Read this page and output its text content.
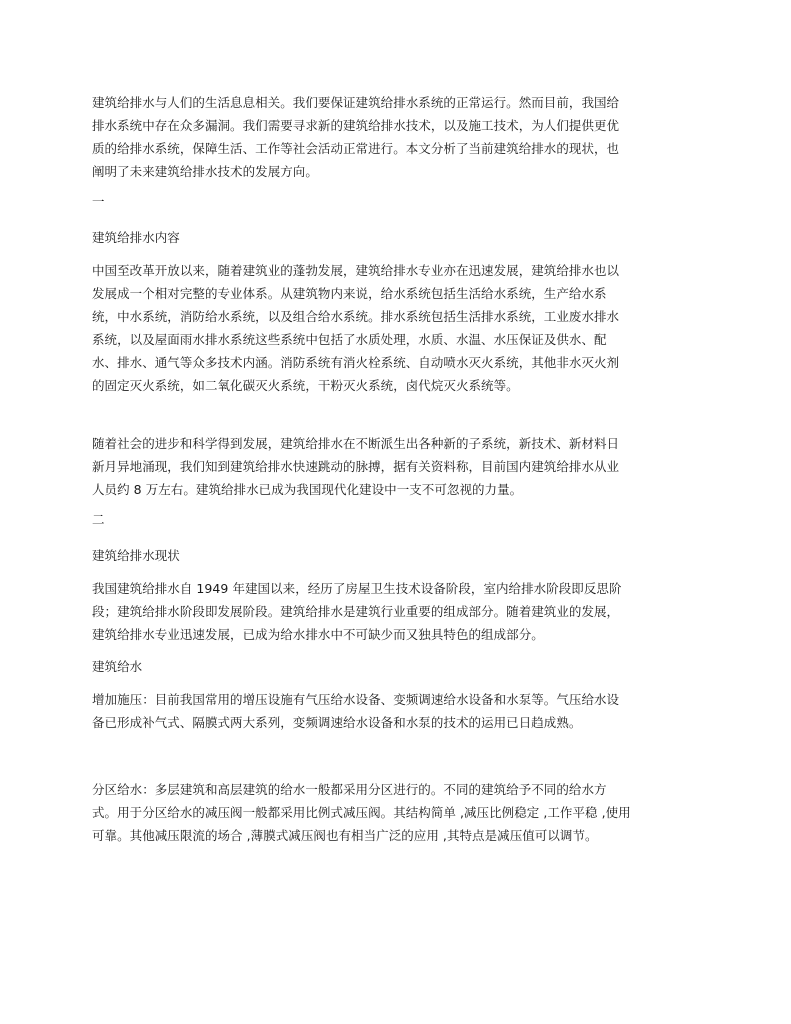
建筑给排水与人们的生活息息相关。我们要保证建筑给排水系统的正常运行。然而目前，我国给

排水系统中存在众多漏洞。我们需要寻求新的建筑给排水技术，以及施工技术，为人们提供更优

质的给排水系统，保障生活、工作等社会活动正常进行。本文分析了当前建筑给排水的现状，也

阐明了未来建筑给排水技术的发展方向。

一

建筑给排水内容

中国至改革开放以来，随着建筑业的蓬勃发展，建筑给排水专业亦在迅速发展，建筑给排水也以

发展成一个相对完整的专业体系。从建筑物内来说，给水系统包括生活给水系统，生产给水系

统，中水系统，消防给水系统，以及组合给水系统。排水系统包括生活排水系统，工业废水排水

系统，以及屋面雨水排水系统这些系统中包括了水质处理，水质、水温、水压保证及供水、配

水、排水、通气等众多技术内涵。消防系统有消火栓系统、自动喷水灭火系统，其他非水灭火剂

的固定灭火系统，如二氧化碳灭火系统，干粉灭火系统，卤代烷灭火系统等。

随着社会的进步和科学得到发展，建筑给排水在不断派生出各种新的子系统，新技术、新材料日

新月异地涌现，我们知到建筑给排水快速跳动的脉搏，据有关资料称，目前国内建筑给排水从业

人员约 8 万左右。建筑给排水已成为我国现代化建设中一支不可忽视的力量。

二

建筑给排水现状

我国建筑给排水自 1949 年建国以来，经历了房屋卫生技术设备阶段，室内给排水阶段即反思阶

段；建筑给排水阶段即发展阶段。建筑给排水是建筑行业重要的组成部分。随着建筑业的发展，

建筑给排水专业迅速发展，已成为给水排水中不可缺少而又独具特色的组成部分。

建筑给水

增加施压：目前我国常用的增压设施有气压给水设备、变频调速给水设备和水泵等。气压给水设

备已形成补气式、隔膜式两大系列，变频调速给水设备和水泵的技术的运用已日趋成熟。

分区给水：多层建筑和高层建筑的给水一般都采用分区进行的。不同的建筑给予不同的给水方

式。用于分区给水的减压阀一般都采用比例式减压阀。其结构简单 ,减压比例稳定 ,工作平稳 ,使用

可靠。其他减压限流的场合 ,薄膜式减压阀也有相当广泛的应用 ,其特点是减压值可以调节。
